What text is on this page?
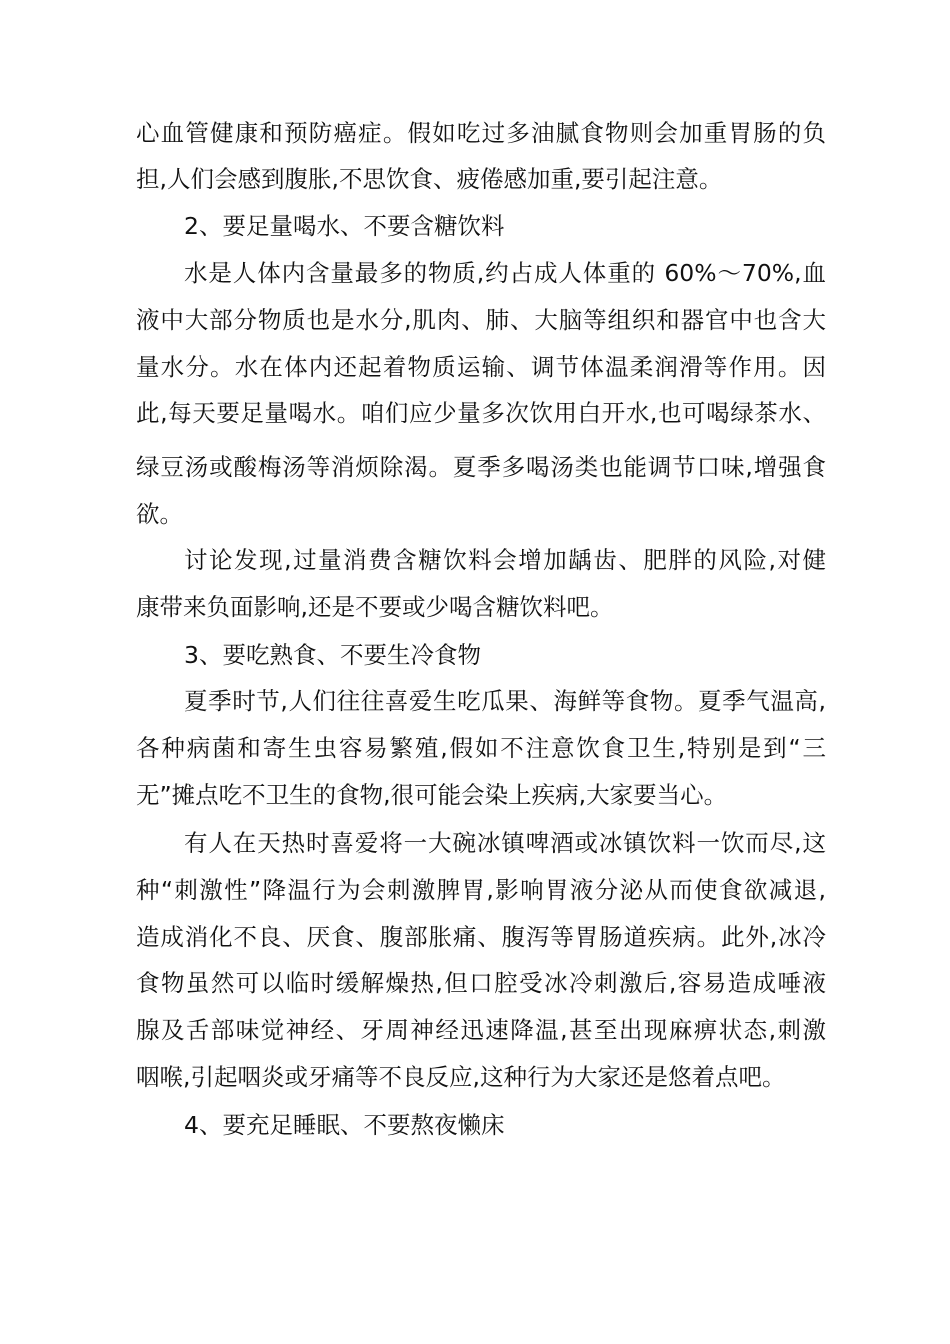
心血管健康和预防癌症。假如吃过多油腻食物则会加重胃肠的负
担,人们会感到腹胀,不思饮食、疲倦感加重,要引起注意。
2、要足量喝水、不要含糖饮料
水是人体内含量最多的物质,约占成人体重的 60%～70%,血
液中大部分物质也是水分,肌肉、肺、大脑等组织和器官中也含大
量水分。水在体内还起着物质运输、调节体温柔润滑等作用。因
此,每天要足量喝水。咱们应少量多次饮用白开水,也可喝绿茶水、
绿豆汤或酸梅汤等消烦除渴。夏季多喝汤类也能调节口味,增强食
欲。
讨论发现,过量消费含糖饮料会增加龋齿、肥胖的风险,对健
康带来负面影响,还是不要或少喝含糖饮料吧。
3、要吃熟食、不要生冷食物
夏季时节,人们往往喜爱生吃瓜果、海鲜等食物。夏季气温高,
各种病菌和寄生虫容易繁殖,假如不注意饮食卫生,特别是到“三
无”摊点吃不卫生的食物,很可能会染上疾病,大家要当心。
有人在天热时喜爱将一大碗冰镇啤酒或冰镇饮料一饮而尽,这
种“刺激性”降温行为会刺激脾胃,影响胃液分泌从而使食欲减退,
造成消化不良、厌食、腹部胀痛、腹泻等胃肠道疾病。此外,冰冷
食物虽然可以临时缓解燥热,但口腔受冰冷刺激后,容易造成唾液
腺及舌部味觉神经、牙周神经迅速降温,甚至出现麻痹状态,刺激
咽喉,引起咽炎或牙痛等不良反应,这种行为大家还是悠着点吧。
4、要充足睡眠、不要熬夜懒床
